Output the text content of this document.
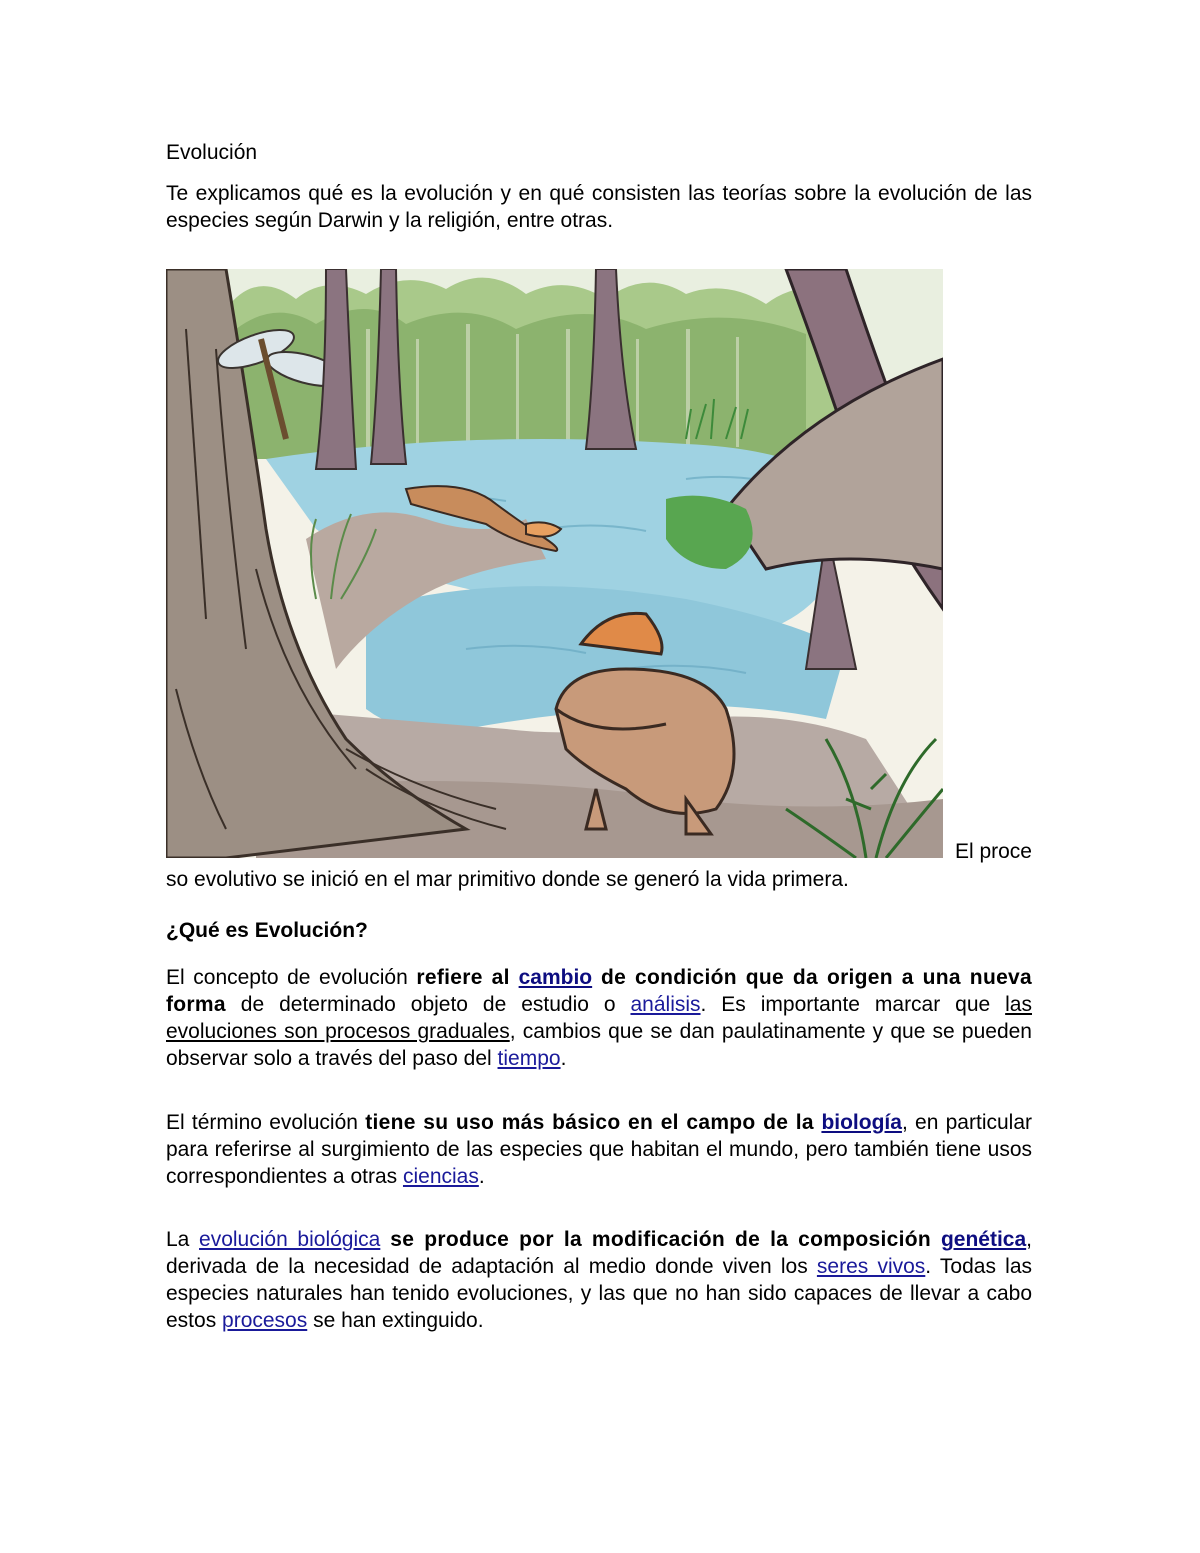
Evolución

Te explicamos qué es la evolución y en qué consisten las teorías sobre la evolución de las especies según Darwin y la religión, entre otras.

El proce
so evolutivo se inició en el mar primitivo donde se generó la vida primera.
¿Qué es Evolución?

El concepto de evolución refiere al cambio de condición que da origen a una nueva forma de determinado objeto de estudio o análisis. Es importante marcar que las evoluciones son procesos graduales, cambios que se dan paulatinamente y que se pueden observar solo a través del paso del tiempo.

El término evolución tiene su uso más básico en el campo de la biología, en particular para referirse al surgimiento de las especies que habitan el mundo, pero también tiene usos correspondientes a otras ciencias.

La evolución biológica se produce por la modificación de la composición genética, derivada de la necesidad de adaptación al medio donde viven los seres vivos. Todas las especies naturales han tenido evoluciones, y las que no han sido capaces de llevar a cabo estos procesos se han extinguido.
